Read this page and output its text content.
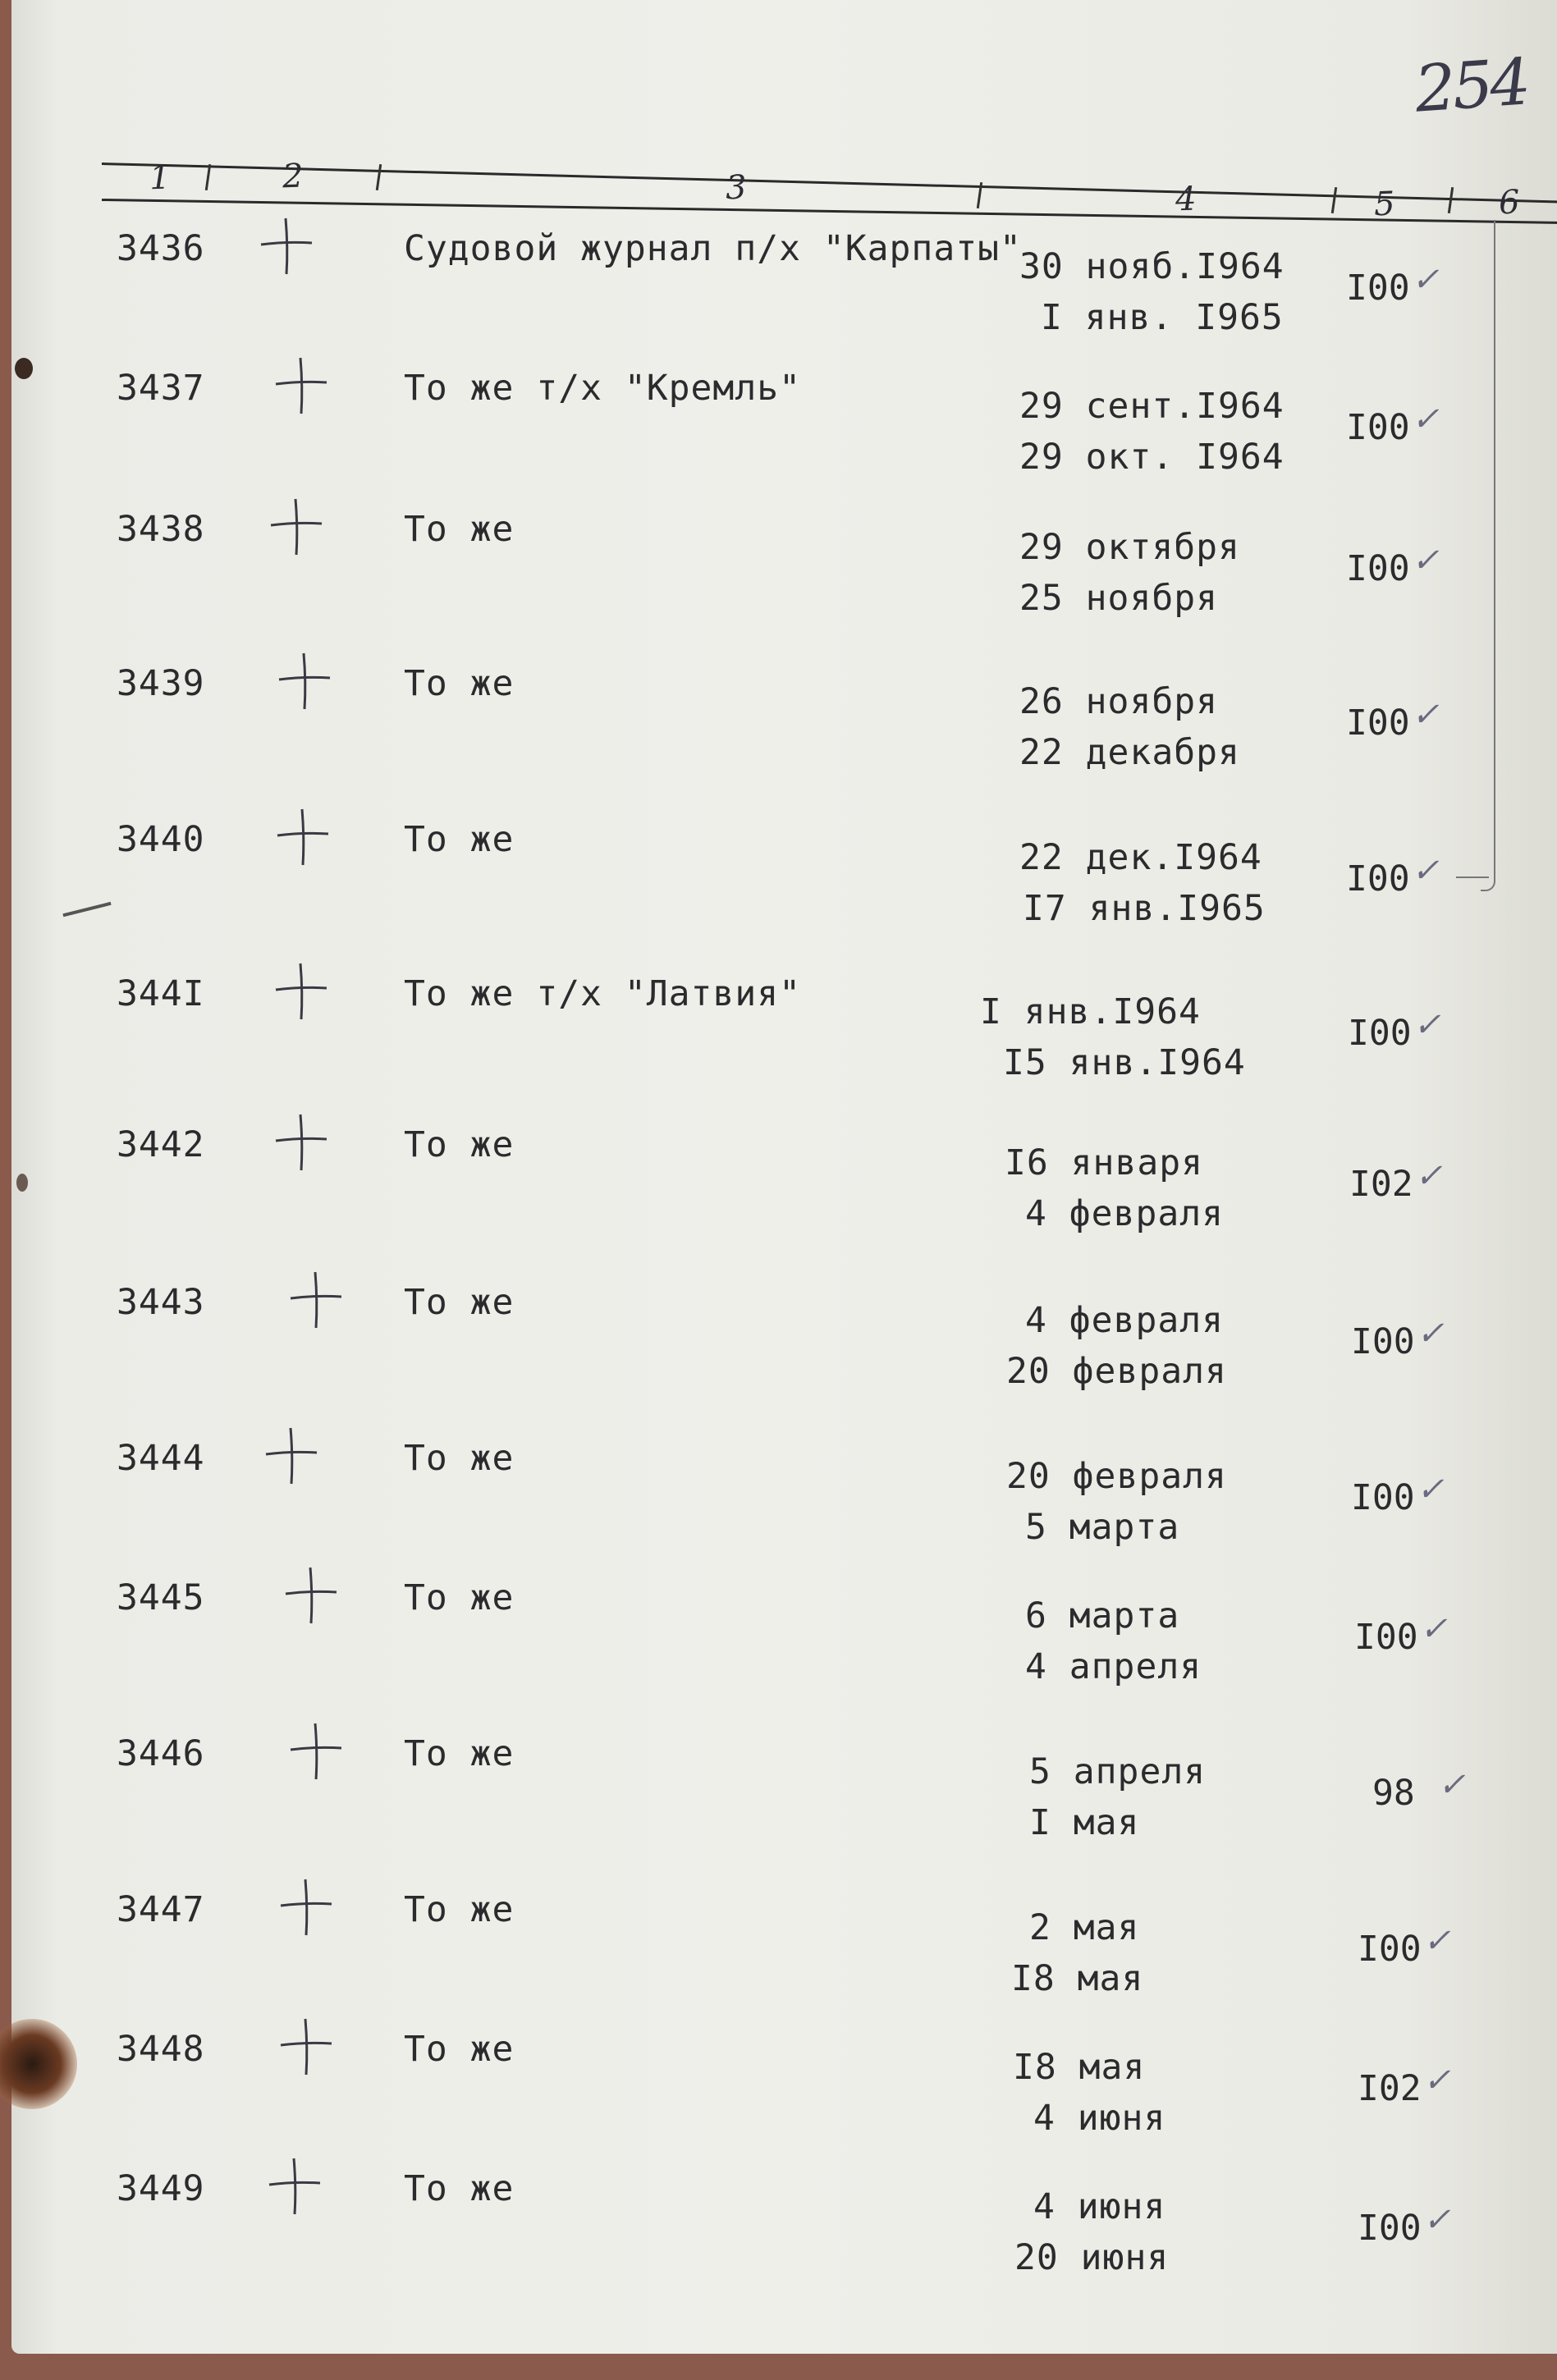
254
1	2	3	4	5	6
3436	Судовой журнал п/х "Карпаты"
30 нояб.I964
I янв. I965
I00 ✓
3437	То же т/х "Кремль"	29 сент.I964
29 окт. I964
I00 ✓
3438	То же	29 октября
25 ноября
I00 ✓
3439	То же	26 ноября
22 декабря
I00 ✓
3440	То же	22 дек.I964
I7 янв.I965
I00 ✓
344I	То же т/х "Латвия"	I янв.I964
I5 янв.I964
I00 ✓
3442	То же	I6 января
4 февраля
I02 ✓
3443	То же	4 февраля
20 февраля
I00 ✓
3444	То же	20 февраля
5 марта
I00 ✓
3445	То же	6 марта
4 апреля
I00 ✓
3446	То же	5 апреля
I мая
98 ✓
3447	То же	2 мая
I8 мая
I00 ✓
3448	То же	I8 мая
4 июня
I02 ✓
3449	То же	4 июня
20 июня
I00 ✓
